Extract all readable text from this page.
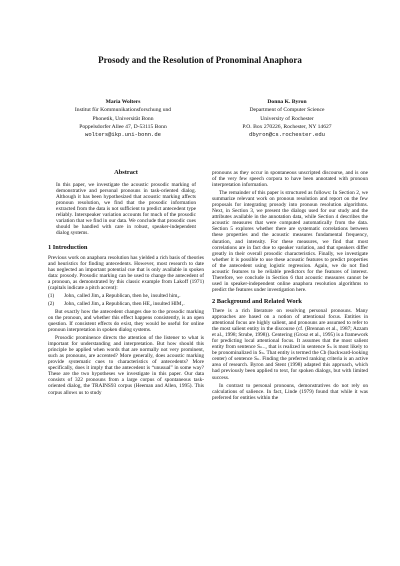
Prosody and the Resolution of Pronominal Anaphora
Maria Wolters
Institut für Kommunikationsforschung und
Phonetik, Universität Bonn
Poppelsdorfer Allee 47, D-53115 Bonn
wolters@ikp.uni-bonn.de
Donna K. Byron
Department of Computer Science
University of Rochester
P.O. Box 270226, Rochester, NY 14627
dbyron@cs.rochester.edu
Abstract

In this paper, we investigate the acoustic prosodic marking of demonstrative and personal pronouns in task-oriented dialog. Although it has been hypothesized that acoustic marking affects pronoun resolution, we find that the prosodic information extracted from the data is not sufficient to predict antecedent type reliably. Interspeaker variation accounts for much of the prosodic variation that we find in our data. We conclude that prosodic cues should be handled with care in robust, speaker-independent dialog systems.

1 Introduction

Previous work on anaphora resolution has yielded a rich basis of theories and heuristics for finding antecedents. However, most research to date has neglected an important potential cue that is only available in spoken data: prosody. Prosodic marking can be used to change the antecedent of a pronoun, as demonstrated by this classic example from Lakoff (1971) (capitals indicate a pitch accent):

(1)	John₁ called Jim₂ a Republican, then he₁ insulted him₂.
(2)	John₁ called Jim₂ a Republican, then HE₂ insulted HIM₁.

But exactly how the antecedent changes due to the prosodic marking on the pronoun, and whether this effect happens consistently, is an open question. If consistent effects do exist, they would be useful for online pronoun interpretation in spoken dialog systems.

Prosodic prominence directs the attention of the listener to what is important for understanding and interpretation. But how should this principle be applied when words that are normally not very prominent, such as pronouns, are accented? More generally, does acoustic marking provide systematic cues to characteristics of antecedents? More specifically, does it imply that the antecedent is “unusual” in some way? These are the two hypotheses we investigate in this paper. Our data consists of 322 pronouns from a large corpus of spontaneous task-oriented dialog, the TRAINS93 corpus (Heeman and Allen, 1995). This corpus allows us to study

pronouns as they occur in spontaneous unscripted discourse, and is one of the very few speech corpora to have been annotated with pronoun interpretation information.

The remainder of this paper is structured as follows: In Section 2, we summarize relevant work on pronoun resolution and report on the few proposals for integrating prosody into pronoun resolution algorithms. Next, in Section 3, we present the dialogs used for our study and the attributes available in the annotation data, while Section 4 describes the acoustic measures that were computed automatically from the data. Section 5 explores whether there are systematic correlations between these properties and the acoustic measures fundamental frequency, duration, and intensity. For these measures, we find that most correlations are in fact due to speaker variation, and that speakers differ greatly in their overall prosodic characteristics. Finally, we investigate whether it is possible to use these acoustic features to predict properties of the antecedent using logistic regression. Again, we do not find acoustic features to be reliable predictors for the features of interest. Therefore, we conclude in Section 6 that acoustic measures cannot be used in speaker-independent online anaphora resolution algorithms to predict the features under investigation here.

2 Background and Related Work

There is a rich literature on resolving personal pronouns. Many approaches are based on a notion of attentional focus. Entities in attentional focus are highly salient, and pronouns are assumed to refer to the most salient entity in the discourse (cf. (Brennan et al., 1987; Azzam et al., 1998; Strube, 1998)). Centering (Grosz et al., 1995) is a framework for predicting local attentional focus. It assumes that the most salient entity from sentence Sₙ₋₁ that is realized in sentence Sₙ is most likely to be pronominalized in Sₙ. That entity is termed the Cb (backward-looking center) of sentence Sₙ. Finding the preferred ranking criteria is an active area of research. Byron and Stent (1998) adapted this approach, which had previously been applied to text, for spoken dialogs, but with limited success.

In contrast to personal pronouns, demonstratives do not rely on calculations of salience. In fact, Linde (1979) found that while it was preferred for entities within the
